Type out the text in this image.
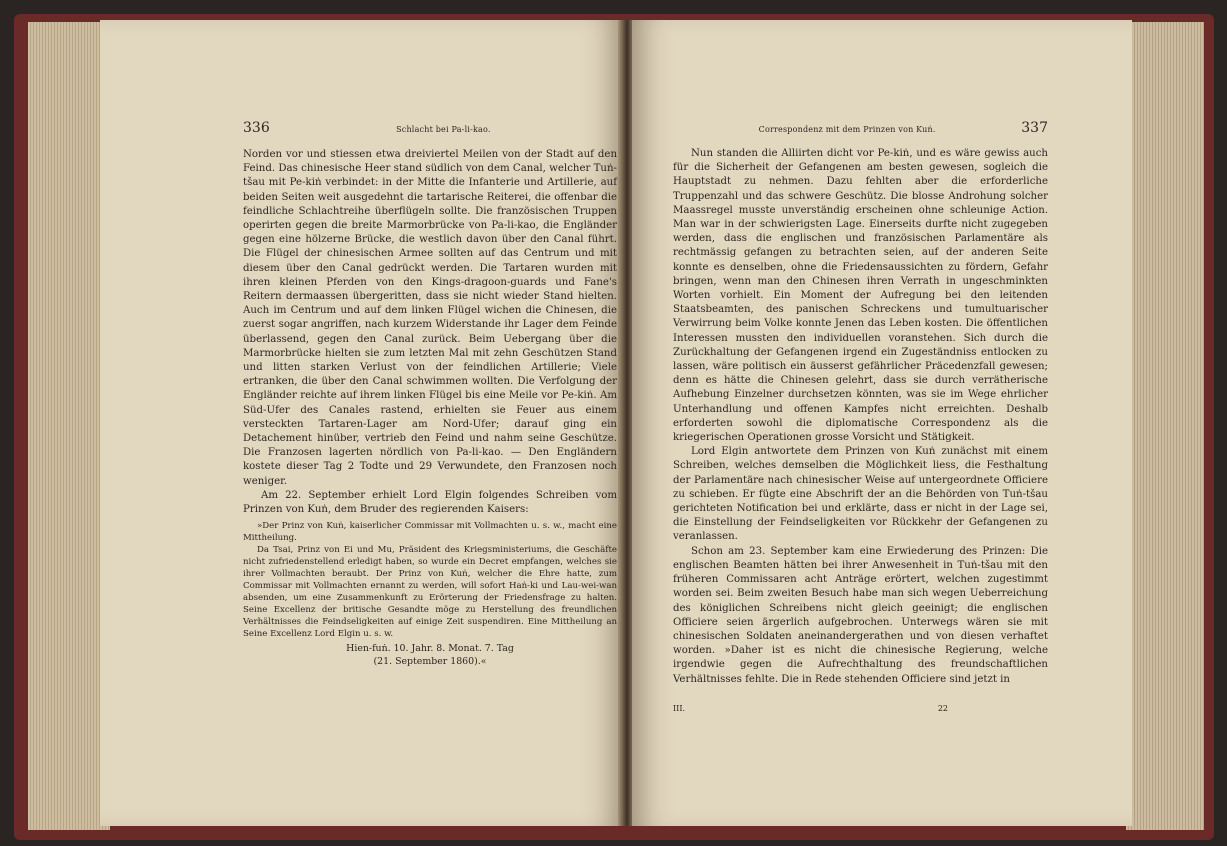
336	Schlacht bei Pa-li-kao.

Norden vor und stiessen etwa dreiviertel Meilen von der Stadt auf den Feind. Das chinesische Heer stand südlich von dem Canal, welcher Tuṅ-tšau mit Pe-kiṅ verbindet: in der Mitte die Infanterie und Artillerie, auf beiden Seiten weit ausgedehnt die tartarische Reiterei, die offenbar die feindliche Schlachtreihe überflügeln sollte. Die französischen Truppen operirten gegen die breite Marmorbrücke von Pa-li-kao, die Engländer gegen eine hölzerne Brücke, die westlich davon über den Canal führt. Die Flügel der chinesischen Armee sollten auf das Centrum und mit diesem über den Canal gedrückt werden. Die Tartaren wurden mit ihren kleinen Pferden von den Kings-dragoon-guards und Fane's Reitern dermaassen übergeritten, dass sie nicht wieder Stand hielten. Auch im Centrum und auf dem linken Flügel wichen die Chinesen, die zuerst sogar angriffen, nach kurzem Widerstande ihr Lager dem Feinde überlassend, gegen den Canal zurück. Beim Uebergang über die Marmorbrücke hielten sie zum letzten Mal mit zehn Geschützen Stand und litten starken Verlust von der feindlichen Artillerie; Viele ertranken, die über den Canal schwimmen wollten. Die Verfolgung der Engländer reichte auf ihrem linken Flügel bis eine Meile vor Pe-kiṅ. Am Süd-Ufer des Canales rastend, erhielten sie Feuer aus einem versteckten Tartaren-Lager am Nord-Ufer; darauf ging ein Detachement hinüber, vertrieb den Feind und nahm seine Geschütze. Die Franzosen lagerten nördlich von Pa-li-kao. — Den Engländern kostete dieser Tag 2 Todte und 29 Verwundete, den Franzosen noch weniger.

Am 22. September erhielt Lord Elgin folgendes Schreiben vom Prinzen von Kuṅ, dem Bruder des regierenden Kaisers:

»Der Prinz von Kuṅ, kaiserlicher Commissar mit Vollmachten u. s. w., macht eine Mittheilung.

Da Tsai, Prinz von Ei und Mu, Präsident des Kriegsministeriums, die Geschäfte nicht zufriedenstellend erledigt haben, so wurde ein Decret empfangen, welches sie ihrer Vollmachten beraubt. Der Prinz von Kuṅ, welcher die Ehre hatte, zum Commissar mit Vollmachten ernannt zu werden, will sofort Haṅ-ki und Lau-wei-wan absenden, um eine Zusammenkunft zu Erörterung der Friedensfrage zu halten. Seine Excellenz der britische Gesandte möge zu Herstellung des freundlichen Verhältnisses die Feindseligkeiten auf einige Zeit suspendiren. Eine Mittheilung an Seine Excellenz Lord Elgin u. s. w.

Hien-fuṅ. 10. Jahr. 8. Monat. 7. Tag
(21. September 1860).«
Correspondenz mit dem Prinzen von Kuṅ.	337

Nun standen die Alliirten dicht vor Pe-kiṅ, und es wäre gewiss auch für die Sicherheit der Gefangenen am besten gewesen, sogleich die Hauptstadt zu nehmen. Dazu fehlten aber die erforderliche Truppenzahl und das schwere Geschütz. Die blosse Androhung solcher Maassregel musste unverständig erscheinen ohne schleunige Action. Man war in der schwierigsten Lage. Einerseits durfte nicht zugegeben werden, dass die englischen und französischen Parlamentäre als rechtmässig gefangen zu betrachten seien, auf der anderen Seite konnte es denselben, ohne die Friedensaussichten zu fördern, Gefahr bringen, wenn man den Chinesen ihren Verrath in ungeschminkten Worten vorhielt. Ein Moment der Aufregung bei den leitenden Staatsbeamten, des panischen Schreckens und tumultuarischer Verwirrung beim Volke konnte Jenen das Leben kosten. Die öffentlichen Interessen mussten den individuellen voranstehen. Sich durch die Zurückhaltung der Gefangenen irgend ein Zugeständniss entlocken zu lassen, wäre politisch ein äusserst gefährlicher Präcedenzfall gewesen; denn es hätte die Chinesen gelehrt, dass sie durch verrätherische Aufhebung Einzelner durchsetzen könnten, was sie im Wege ehrlicher Unterhandlung und offenen Kampfes nicht erreichten. Deshalb erforderten sowohl die diplomatische Correspondenz als die kriegerischen Operationen grosse Vorsicht und Stätigkeit.

Lord Elgin antwortete dem Prinzen von Kuṅ zunächst mit einem Schreiben, welches demselben die Möglichkeit liess, die Festhaltung der Parlamentäre nach chinesischer Weise auf untergeordnete Officiere zu schieben. Er fügte eine Abschrift der an die Behörden von Tuṅ-tšau gerichteten Notification bei und erklärte, dass er nicht in der Lage sei, die Einstellung der Feindseligkeiten vor Rückkehr der Gefangenen zu veranlassen.

Schon am 23. September kam eine Erwiederung des Prinzen: Die englischen Beamten hätten bei ihrer Anwesenheit in Tuṅ-tšau mit den früheren Commissaren acht Anträge erörtert, welchen zugestimmt worden sei. Beim zweiten Besuch habe man sich wegen Ueberreichung des königlichen Schreibens nicht gleich geeinigt; die englischen Officiere seien ärgerlich aufgebrochen. Unterwegs wären sie mit chinesischen Soldaten aneinandergerathen und von diesen verhaftet worden. »Daher ist es nicht die chinesische Regierung, welche irgendwie gegen die Aufrechthaltung des freundschaftlichen Verhältnisses fehlte. Die in Rede stehenden Officiere sind jetzt in

III.	22
